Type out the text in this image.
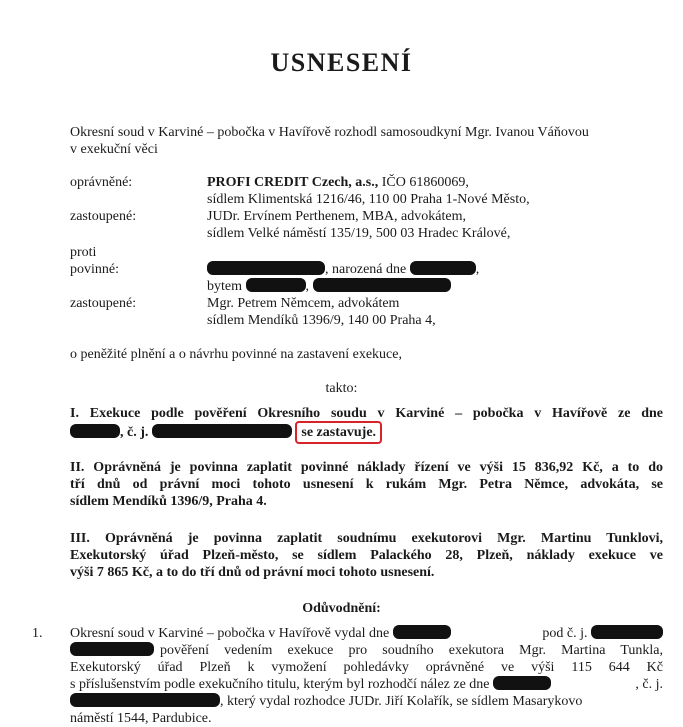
USNESENÍ
Okresní soud v Karviné – pobočka v Havířově rozhodl samosoudkyní Mgr. Ivanou Váňovou
v exekuční věci
oprávněné:	PROFI CREDIT Czech, a.s., IČO 61860069,
sídlem Klimentská 1216/46, 110 00 Praha 1-Nové Město,
zastoupené:	JUDr. Ervínem Perthenem, MBA, advokátem,
sídlem Velké náměstí 135/19, 500 03 Hradec Králové,
proti
povinné:	, narozená dne	,
bytem	,
zastoupené:	Mgr. Petrem Němcem, advokátem
sídlem Mendíků 1396/9, 140 00 Praha 4,
o peněžité plnění a o návrhu povinné na zastavení exekuce,
takto:
I. Exekuce podle pověření Okresního soudu v Karviné – pobočka v Havířově ze dne
, č. j.	se zastavuje.
II. Oprávněná je povinna zaplatit povinné náklady řízení ve výši 15 836,92 Kč, a to do
tří dnů od právní moci tohoto usnesení k rukám Mgr. Petra Němce, advokáta, se
sídlem Mendíků 1396/9, Praha 4.
III. Oprávněná je povinna zaplatit soudnímu exekutorovi Mgr. Martinu Tunklovi,
Exekutorský úřad Plzeň-město, se sídlem Palackého 28, Plzeň, náklady exekuce ve
výši 7 865 Kč, a to do tří dnů od právní moci tohoto usnesení.
Odůvodnění:
1. Okresní soud v Karviné – pobočka v Havířově vydal dne	pod č. j.
pověření vedením exekuce pro soudního exekutora Mgr. Martina Tunkla,
Exekutorský úřad Plzeň k vymožení pohledávky oprávněné ve výši 115 644 Kč
s příslušenstvím podle exekučního titulu, kterým byl rozhodčí nález ze dne	, č. j.
, který vydal rozhodce JUDr. Jiří Kolařík, se sídlem Masarykovo
náměstí 1544, Pardubice.
